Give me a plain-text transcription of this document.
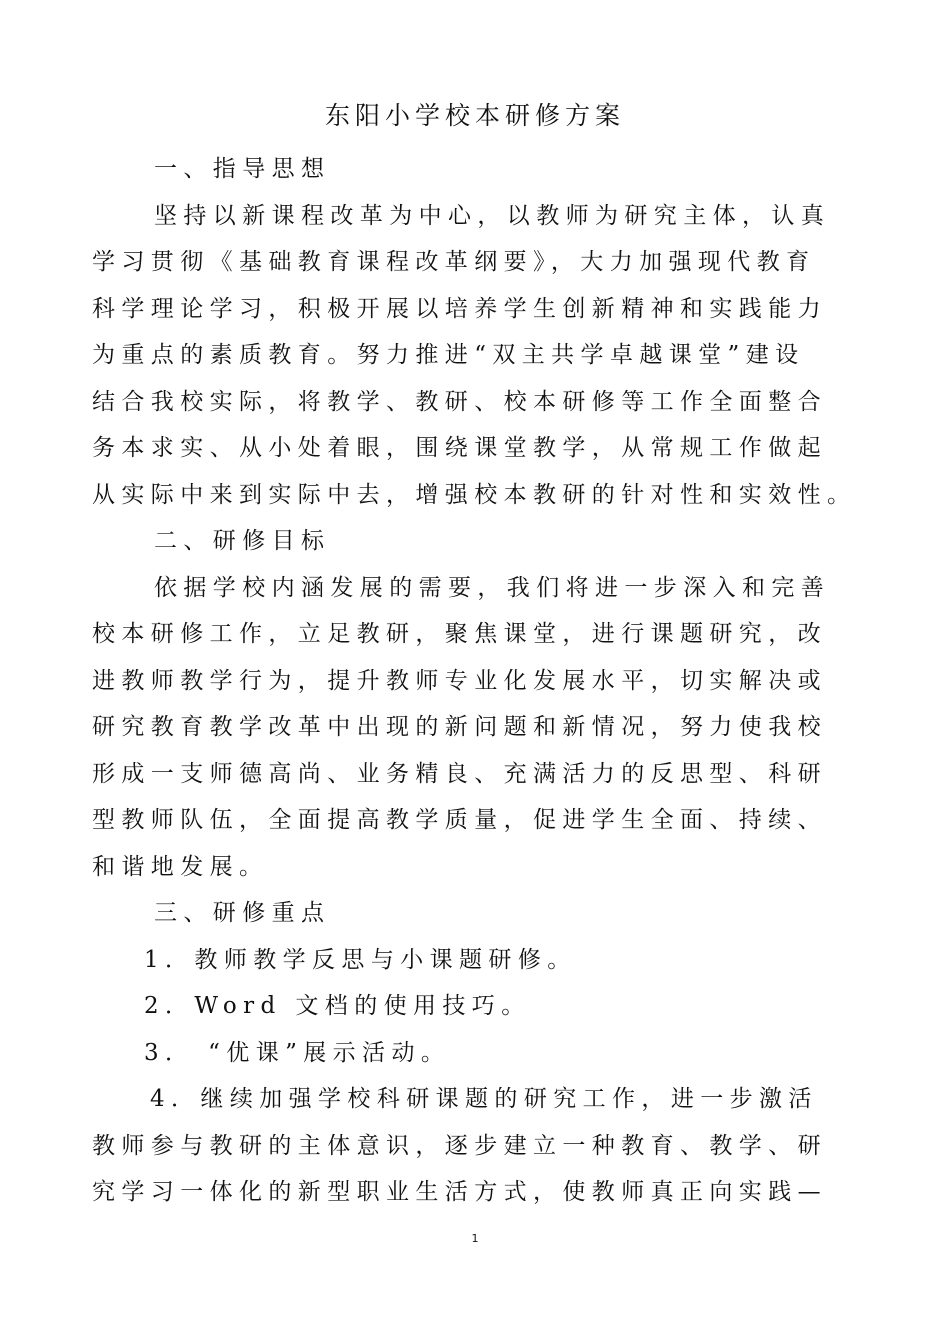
东阳小学校本研修方案
一、指导思想
坚持以新课程改革为中心，以教师为研究主体，认真
学习贯彻《基础教育课程改革纲要》，大力加强现代教育
科学理论学习，积极开展以培养学生创新精神和实践能力
为重点的素质教育。努力推进“双主共学卓越课堂”建设
结合我校实际，将教学、教研、校本研修等工作全面整合
务本求实、从小处着眼，围绕课堂教学，从常规工作做起
从实际中来到实际中去，增强校本教研的针对性和实效性。
二、研修目标
依据学校内涵发展的需要，我们将进一步深入和完善
校本研修工作，立足教研，聚焦课堂，进行课题研究，改
进教师教学行为，提升教师专业化发展水平，切实解决或
研究教育教学改革中出现的新问题和新情况，努力使我校
形成一支师德高尚、业务精良、充满活力的反思型、科研
型教师队伍，全面提高教学质量，促进学生全面、持续、
和谐地发展。
三、研修重点
1．教师教学反思与小课题研修。
2．Word 文档的使用技巧。
3． “优课”展示活动。
4．继续加强学校科研课题的研究工作，进一步激活
教师参与教研的主体意识，逐步建立一种教育、教学、研
究学习一体化的新型职业生活方式，使教师真正向实践—
1
